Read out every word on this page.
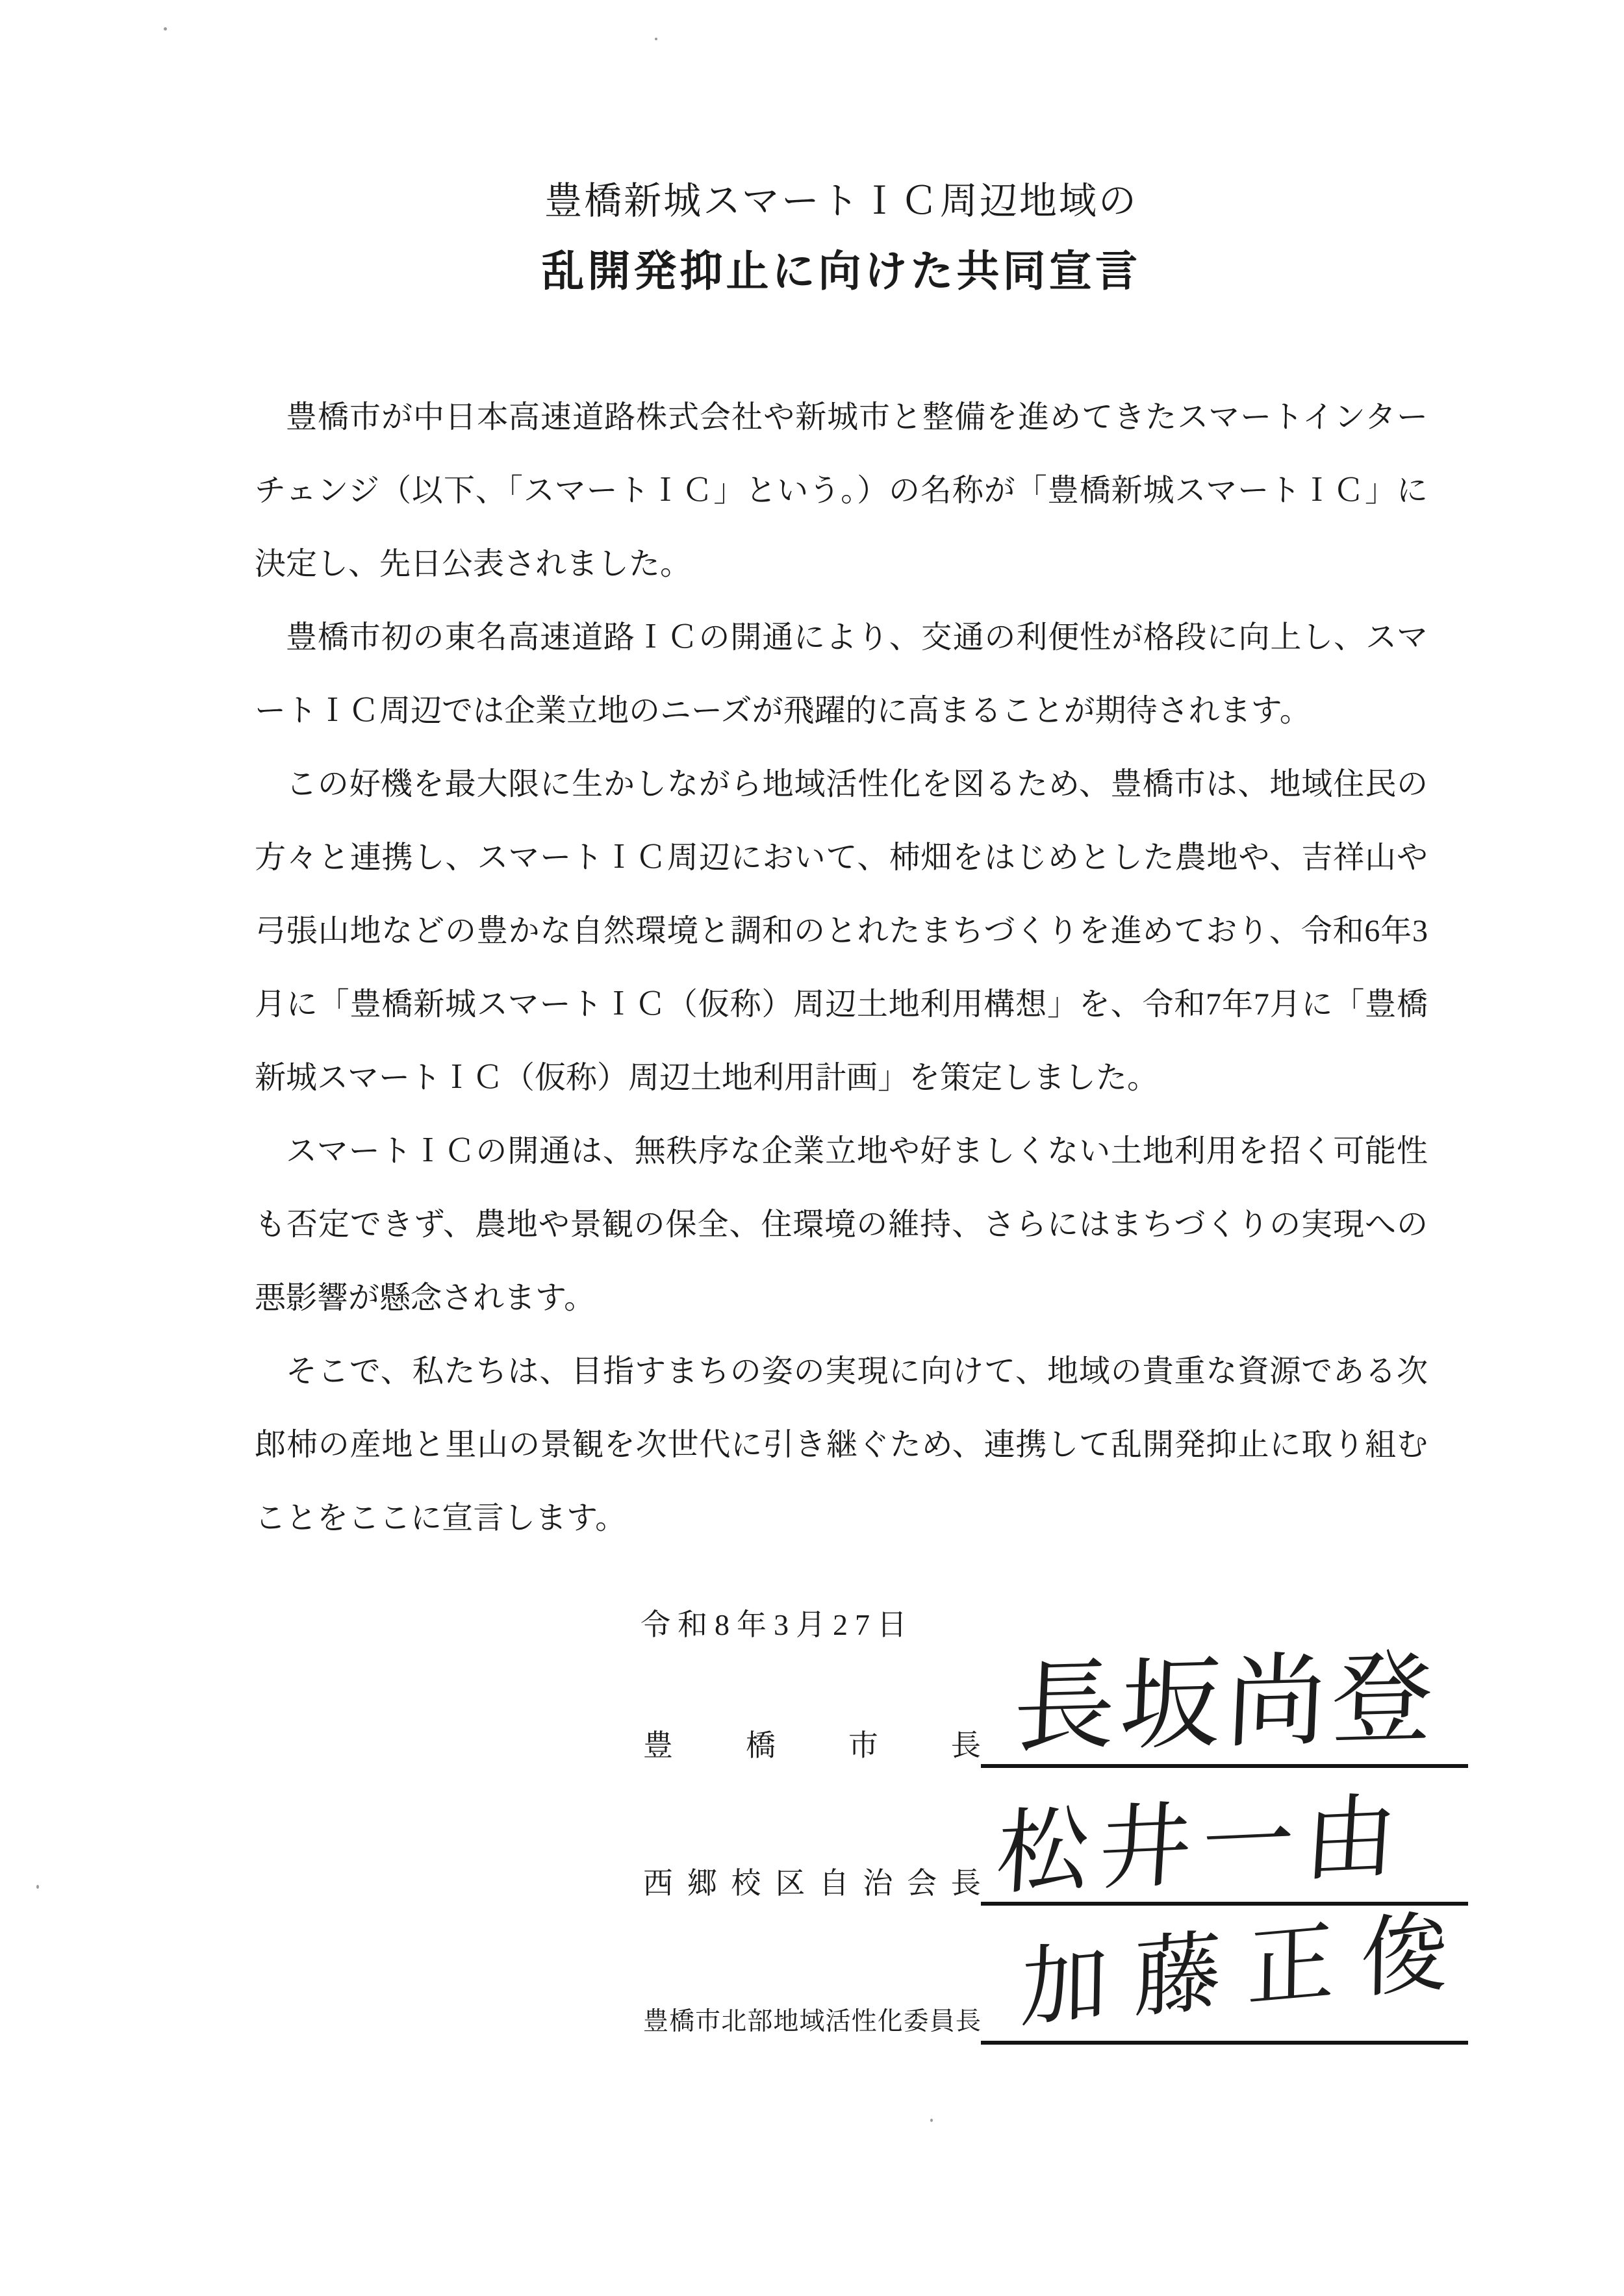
豊橋新城スマートＩＣ周辺地域の
乱開発抑止に向けた共同宣言

豊橋市が中日本高速道路株式会社や新城市と整備を進めてきたスマートインターチェンジ（以下、「スマートＩＣ」という。）の名称が「豊橋新城スマートＩＣ」に決定し、先日公表されました。

豊橋市初の東名高速道路ＩＣの開通により、交通の利便性が格段に向上し、スマートＩＣ周辺では企業立地のニーズが飛躍的に高まることが期待されます。

この好機を最大限に生かしながら地域活性化を図るため、豊橋市は、地域住民の方々と連携し、スマートＩＣ周辺において、柿畑をはじめとした農地や、吉祥山や弓張山地などの豊かな自然環境と調和のとれたまちづくりを進めており、令和6年3月に「豊橋新城スマートＩＣ（仮称）周辺土地利用構想」を、令和7年7月に「豊橋新城スマートＩＣ（仮称）周辺土地利用計画」を策定しました。

スマートＩＣの開通は、無秩序な企業立地や好ましくない土地利用を招く可能性も否定できず、農地や景観の保全、住環境の維持、さらにはまちづくりの実現への悪影響が懸念されます。

そこで、私たちは、目指すまちの姿の実現に向けて、地域の貴重な資源である次郎柿の産地と里山の景観を次世代に引き継ぐため、連携して乱開発抑止に取り組むことをここに宣言します。

令和8年3月27日
豊 橋 市 長 長坂尚登
西 郷 校 区 自 治 会 長 松井一由
豊 橋 市 北 部 地 域 活 性 化 委 員 長 加藤正俊
